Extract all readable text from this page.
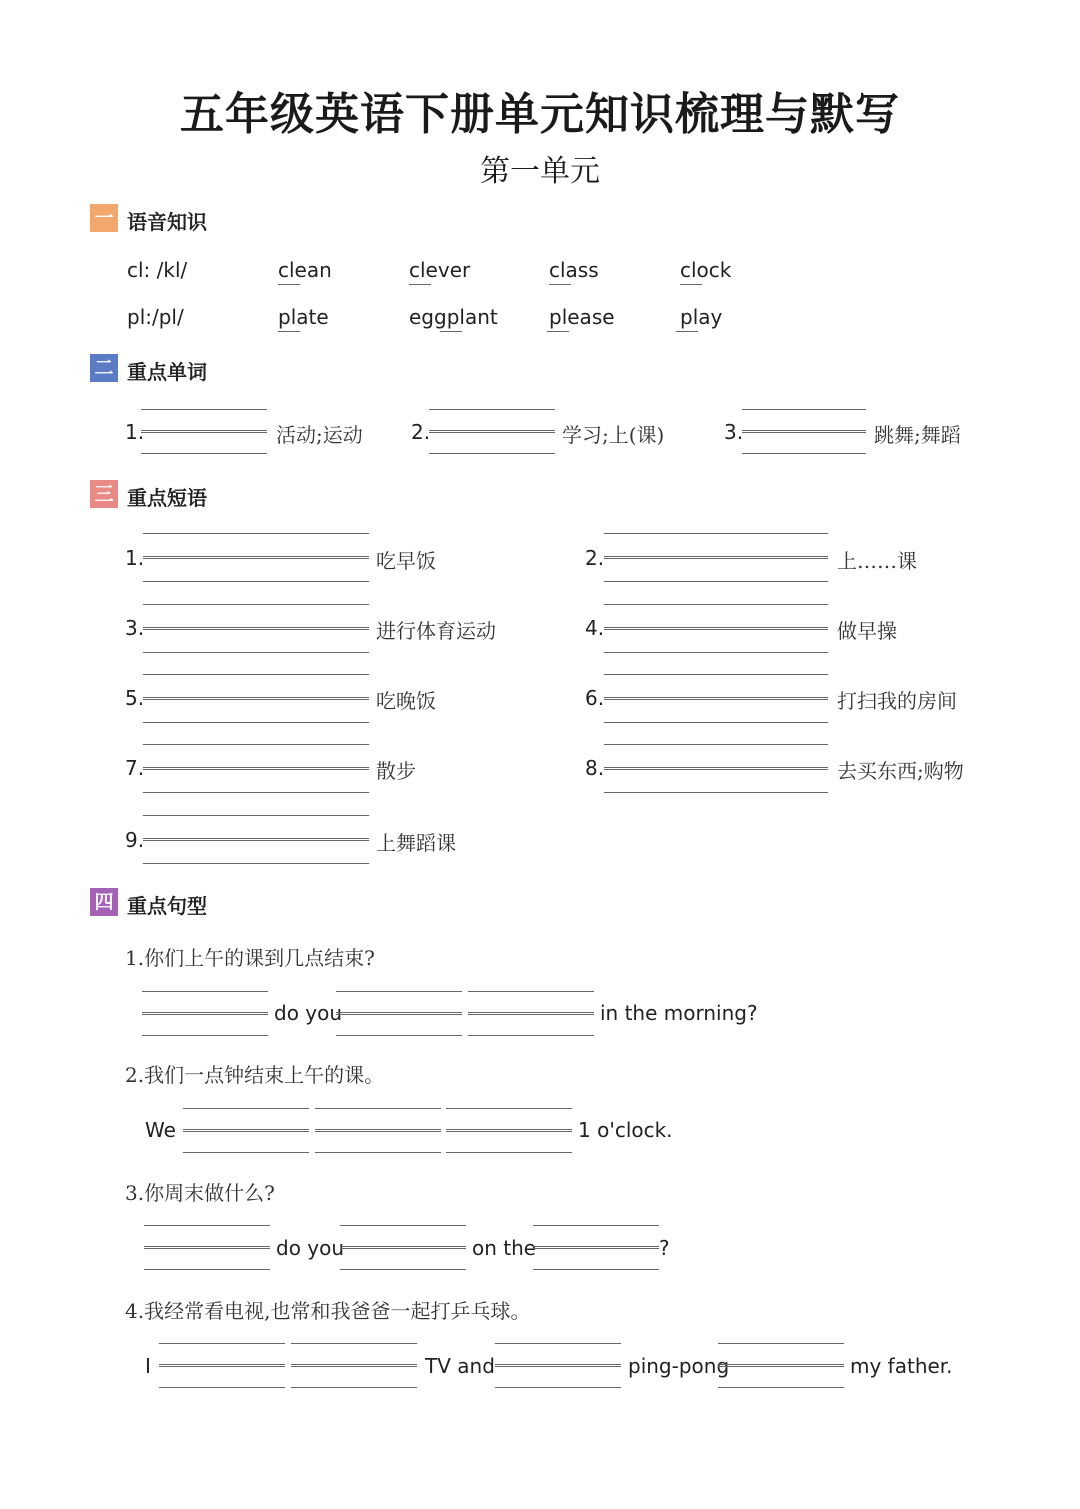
五年级英语下册单元知识梳理与默写
第一单元
一 语音知识
cl: /kl/	clean	clever	class	clock
pl:/pl/	plate	eggplant	please	play
二 重点单词
1.	活动;运动 2.	学习;上(课)	3.	跳舞;舞蹈
三 重点短语
1.	吃早饭	2.	上……课
3.	进行体育运动	4.	做早操
5.	吃晚饭	6.	打扫我的房间
7.	散步	8.	去买东西;购物
9.	上舞蹈课
四 重点句型
1.你们上午的课到几点结束?
do you	in the morning?
2.我们一点钟结束上午的课。
We	1 o'clock.
3.你周末做什么?
do you	on the	?
4.我经常看电视,也常和我爸爸一起打乒乓球。
I	TV and	ping-pong	my father.
